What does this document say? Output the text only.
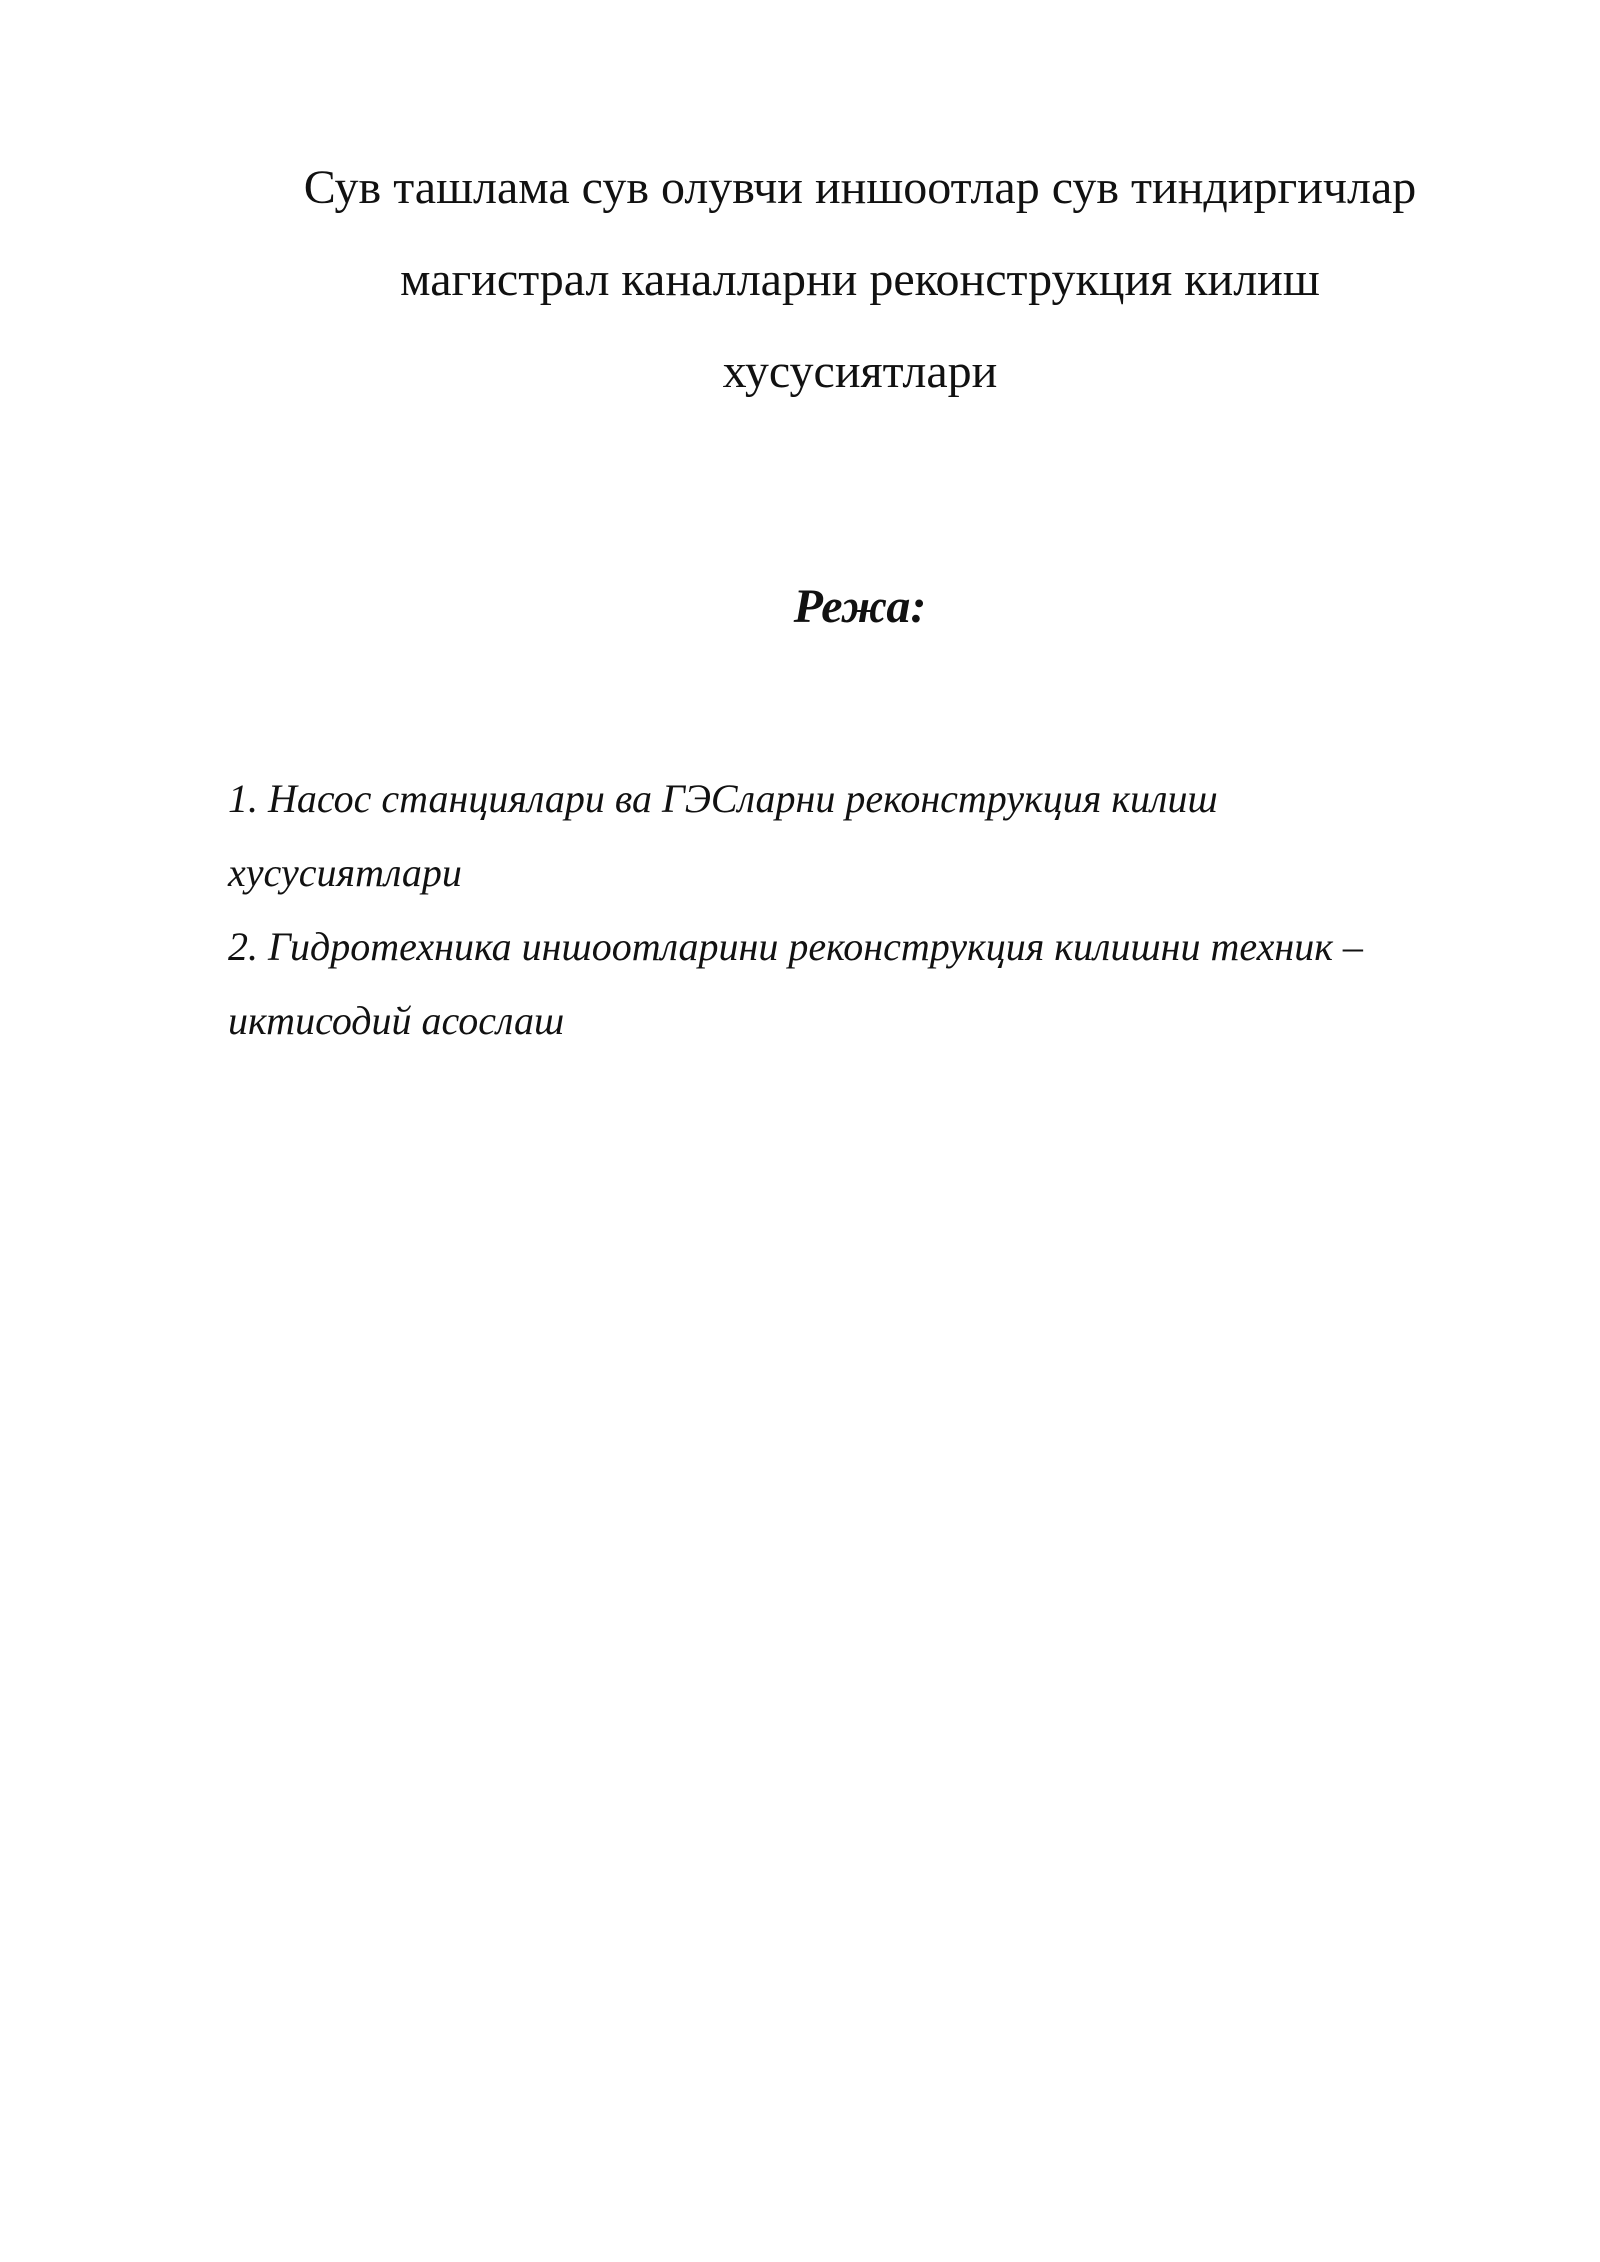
Сув ташлама сув олувчи иншоотлар сув тиндиргичлар
магистрал каналларни реконструкция килиш
хусусиятлари
Режа:
1. Насос станциялари ва ГЭСларни реконструкция килиш
хусусиятлари
2. Гидротехника иншоотларини реконструкция килишни техник –
иктисодий асослаш
